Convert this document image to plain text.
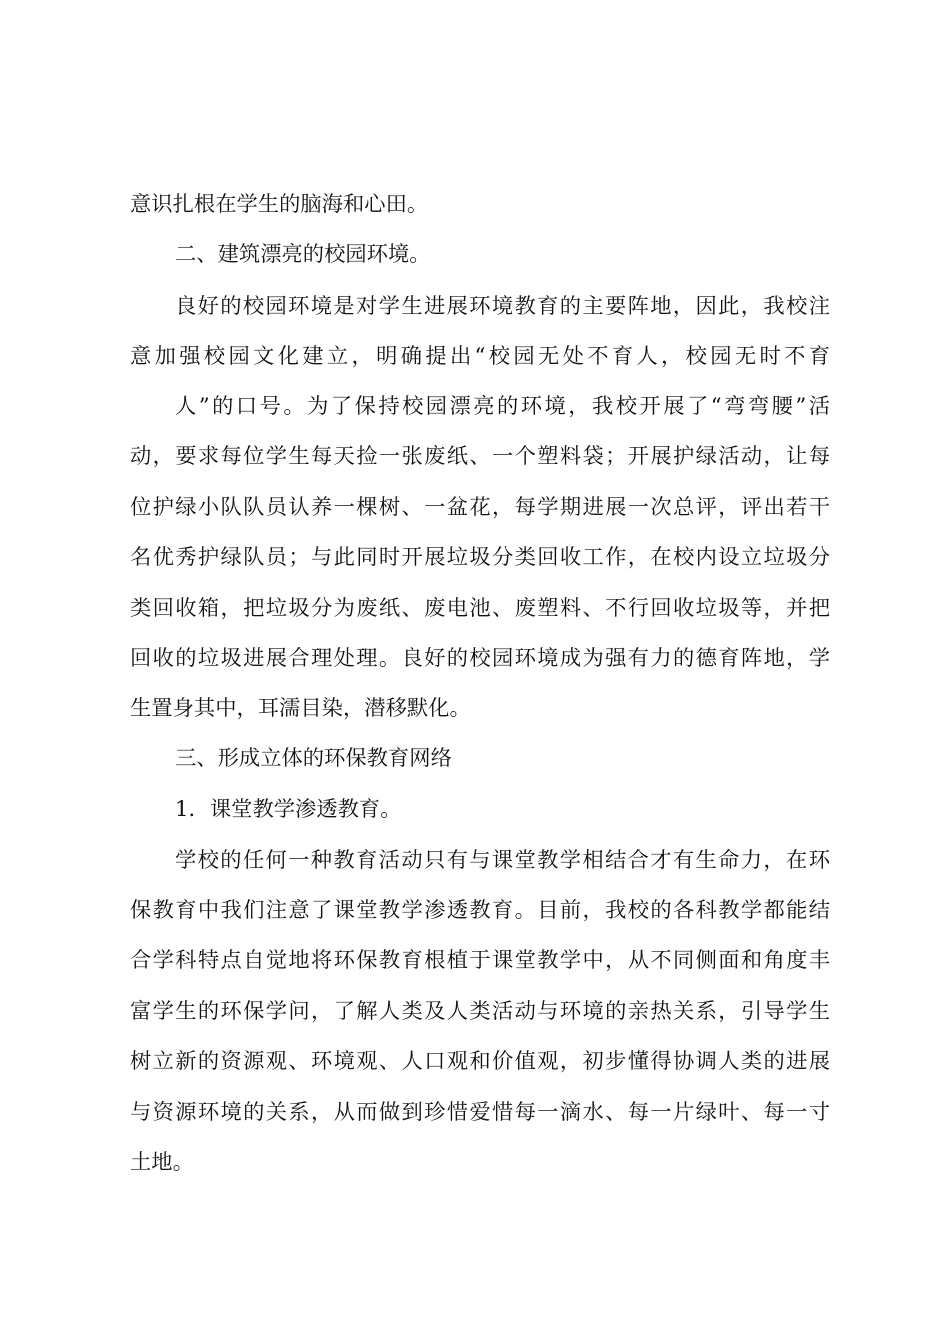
意识扎根在学生的脑海和心田。
二、建筑漂亮的校园环境。
良好的校园环境是对学生进展环境教育的主要阵地，因此，我校注
意加强校园文化建立，明确提出“校园无处不育人，校园无时不育
人”的口号。为了保持校园漂亮的环境，我校开展了“弯弯腰”活
动，要求每位学生每天捡一张废纸、一个塑料袋；开展护绿活动，让每
位护绿小队队员认养一棵树、一盆花，每学期进展一次总评，评出若干
名优秀护绿队员；与此同时开展垃圾分类回收工作，在校内设立垃圾分
类回收箱，把垃圾分为废纸、废电池、废塑料、不行回收垃圾等，并把
回收的垃圾进展合理处理。良好的校园环境成为强有力的德育阵地，学
生置身其中，耳濡目染，潜移默化。
三、形成立体的环保教育网络
1．课堂教学渗透教育。
学校的任何一种教育活动只有与课堂教学相结合才有生命力，在环
保教育中我们注意了课堂教学渗透教育。目前，我校的各科教学都能结
合学科特点自觉地将环保教育根植于课堂教学中，从不同侧面和角度丰
富学生的环保学问，了解人类及人类活动与环境的亲热关系，引导学生
树立新的资源观、环境观、人口观和价值观，初步懂得协调人类的进展
与资源环境的关系，从而做到珍惜爱惜每一滴水、每一片绿叶、每一寸
土地。
